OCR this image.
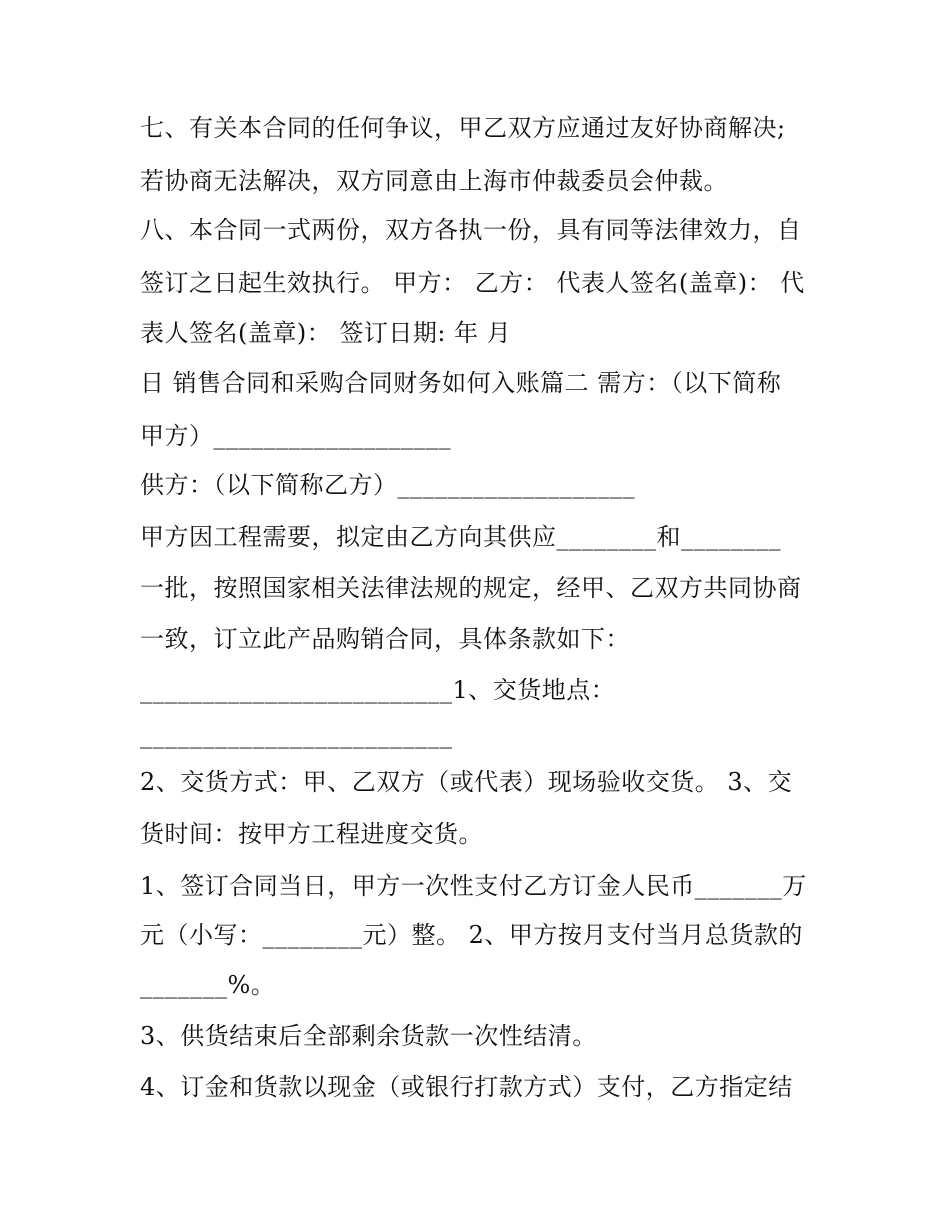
七、有关本合同的任何争议，甲乙双方应通过友好协商解决;
若协商无法解决，双方同意由上海市仲裁委员会仲裁。
八、本合同一式两份，双方各执一份，具有同等法律效力，自
签订之日起生效执行。 甲方： 乙方： 代表人签名(盖章)： 代
表人签名(盖章)： 签订日期: 年 月
日 销售合同和采购合同财务如何入账篇二 需方：（以下简称
甲方）___________________
供方：（以下简称乙方）___________________
甲方因工程需要，拟定由乙方向其供应________和________
一批，按照国家相关法律法规的规定，经甲、乙双方共同协商
一致，订立此产品购销合同，具体条款如下：
_________________________1、交货地点：
_________________________
2、交货方式：甲、乙双方（或代表）现场验收交货。 3、交
货时间：按甲方工程进度交货。
1、签订合同当日，甲方一次性支付乙方订金人民币_______万
元（小写：________元）整。 2、甲方按月支付当月总货款的
_______%。
3、供货结束后全部剩余货款一次性结清。
4、订金和货款以现金（或银行打款方式）支付，乙方指定结
